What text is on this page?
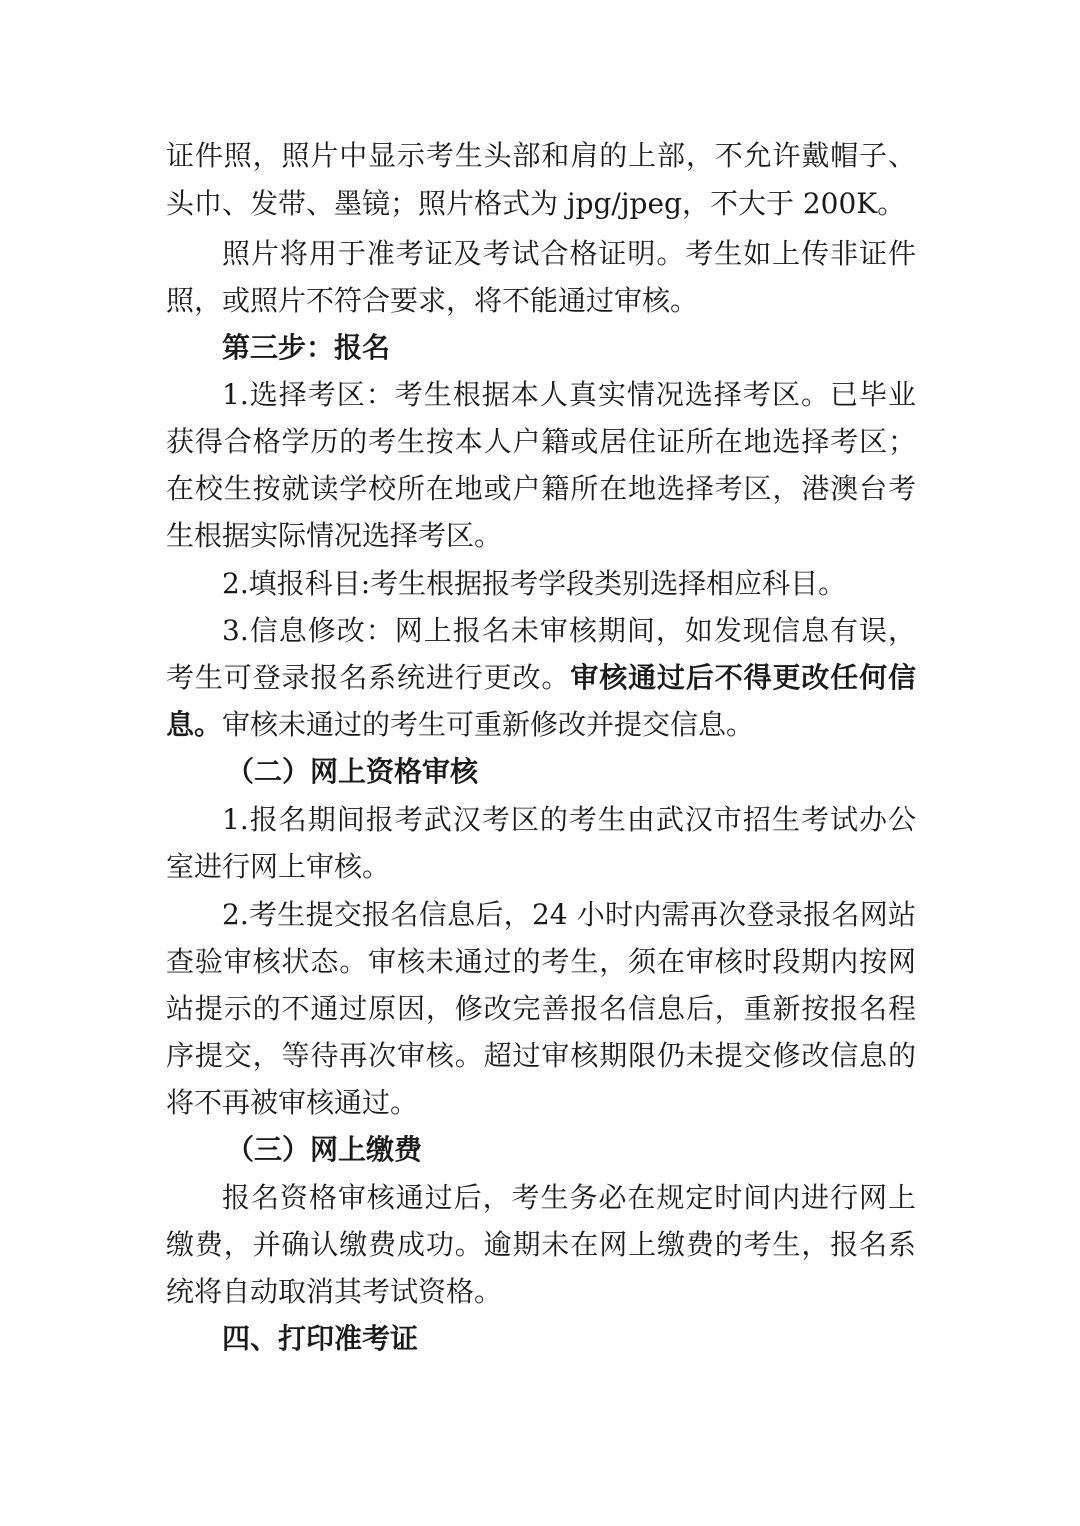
证件照，照片中显示考生头部和肩的上部，不允许戴帽子、
头巾、发带、墨镜；照片格式为 jpg/jpeg，不大于 200K。
照片将用于准考证及考试合格证明。考生如上传非证件
照，或照片不符合要求，将不能通过审核。
第三步：报名
1.选择考区：考生根据本人真实情况选择考区。已毕业
获得合格学历的考生按本人户籍或居住证所在地选择考区；
在校生按就读学校所在地或户籍所在地选择考区，港澳台考
生根据实际情况选择考区。
2.填报科目:考生根据报考学段类别选择相应科目。
3.信息修改：网上报名未审核期间，如发现信息有误，
考生可登录报名系统进行更改。审核通过后不得更改任何信
息。审核未通过的考生可重新修改并提交信息。
（二）网上资格审核
1.报名期间报考武汉考区的考生由武汉市招生考试办公
室进行网上审核。
2.考生提交报名信息后，24 小时内需再次登录报名网站
查验审核状态。审核未通过的考生，须在审核时段期内按网
站提示的不通过原因，修改完善报名信息后，重新按报名程
序提交，等待再次审核。超过审核期限仍未提交修改信息的
将不再被审核通过。
（三）网上缴费
报名资格审核通过后，考生务必在规定时间内进行网上
缴费，并确认缴费成功。逾期未在网上缴费的考生，报名系
统将自动取消其考试资格。
四、打印准考证
